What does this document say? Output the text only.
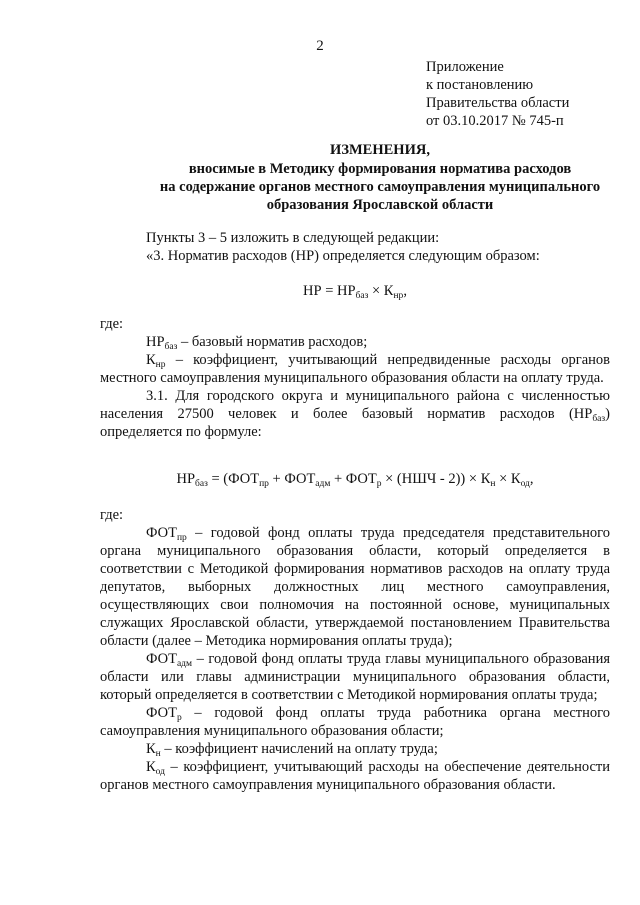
2
Приложение
к постановлению
Правительства области
от 03.10.2017 № 745-п
ИЗМЕНЕНИЯ,
вносимые в Методику формирования норматива расходов
на содержание органов местного самоуправления муниципального
образования Ярославской области

Пункты 3 – 5 изложить в следующей редакции:

«3. Норматив расходов (НР) определяется следующим образом:

НР = $НР_{баз} \times К_{нр}$,

где:

$НР_{баз}$ – базовый норматив расходов;

$К_{нр}$ – коэффициент, учитывающий непредвиденные расходы органов местного самоуправления муниципального образования области на оплату труда.

3.1. Для городского округа и муниципального района с численностью населения 27500 человек и более базовый норматив расходов $(НР_{баз})$ определяется по формуле:

$НР_{баз} = (ФОТ_{пр} + ФОТ_{адм} + ФОТ_р \times (НШЧ - 2)) \times К_н \times К_{од}$,

где:

$ФОТ_{пр}$ – годовой фонд оплаты труда председателя представительного органа муниципального образования области, который определяется в соответствии с Методикой формирования нормативов расходов на оплату труда депутатов, выборных должностных лиц местного самоуправления, осуществляющих свои полномочия на постоянной основе, муниципальных служащих Ярославской области, утверждаемой постановлением Правительства области (далее – Методика нормирования оплаты труда);

$ФОТ_{адм}$ – годовой фонд оплаты труда главы муниципального образования области или главы администрации муниципального образования области, который определяется в соответствии с Методикой нормирования оплаты труда;

$ФОТ_р$ – годовой фонд оплаты труда работника органа местного самоуправления муниципального образования области;

$К_н$ – коэффициент начислений на оплату труда;

$К_{од}$ – коэффициент, учитывающий расходы на обеспечение деятельности органов местного самоуправления муниципального образования области.
